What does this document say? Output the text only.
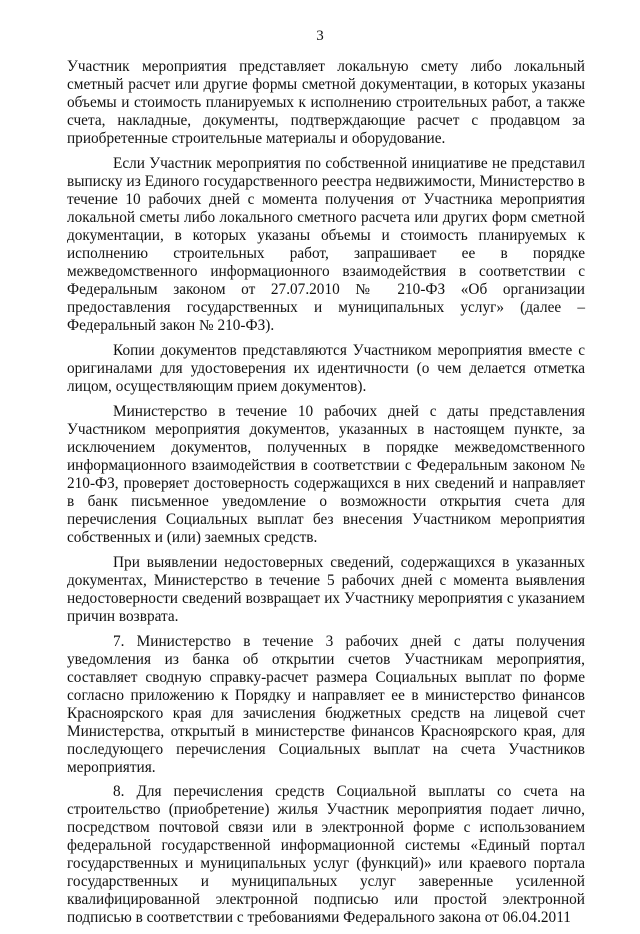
3

Участник мероприятия представляет локальную смету либо локальный сметный расчет или другие формы сметной документации, в которых указаны объемы и стоимость планируемых к исполнению строительных работ, а также счета, накладные, документы, подтверждающие расчет с продавцом за приобретенные строительные материалы и оборудование.

Если Участник мероприятия по собственной инициативе не представил выписку из Единого государственного реестра недвижимости, Министерство в течение 10 рабочих дней с момента получения от Участника мероприятия локальной сметы либо локального сметного расчета или других форм сметной документации, в которых указаны объемы и стоимость планируемых к исполнению строительных работ, запрашивает ее в порядке межведомственного информационного взаимодействия в соответствии с Федеральным законом от 27.07.2010 № 210-ФЗ «Об организации предоставления государственных и муниципальных услуг» (далее – Федеральный закон № 210-ФЗ).

Копии документов представляются Участником мероприятия вместе с оригиналами для удостоверения их идентичности (о чем делается отметка лицом, осуществляющим прием документов).

Министерство в течение 10 рабочих дней с даты представления Участником мероприятия документов, указанных в настоящем пункте, за исключением документов, полученных в порядке межведомственного информационного взаимодействия в соответствии с Федеральным законом № 210-ФЗ, проверяет достоверность содержащихся в них сведений и направляет в банк письменное уведомление о возможности открытия счета для перечисления Социальных выплат без внесения Участником мероприятия собственных и (или) заемных средств.

При выявлении недостоверных сведений, содержащихся в указанных документах, Министерство в течение 5 рабочих дней с момента выявления недостоверности сведений возвращает их Участнику мероприятия с указанием причин возврата.

7. Министерство в течение 3 рабочих дней с даты получения уведомления из банка об открытии счетов Участникам мероприятия, составляет сводную справку-расчет размера Социальных выплат по форме согласно приложению к Порядку и направляет ее в министерство финансов Красноярского края для зачисления бюджетных средств на лицевой счет Министерства, открытый в министерстве финансов Красноярского края, для последующего перечисления Социальных выплат на счета Участников мероприятия.

8. Для перечисления средств Социальной выплаты со счета на строительство (приобретение) жилья Участник мероприятия подает лично, посредством почтовой связи или в электронной форме с использованием федеральной государственной информационной системы «Единый портал государственных и муниципальных услуг (функций)» или краевого портала государственных и муниципальных услуг заверенные усиленной квалифицированной электронной подписью или простой электронной подписью в соответствии с требованиями Федерального закона от 06.04.2011
